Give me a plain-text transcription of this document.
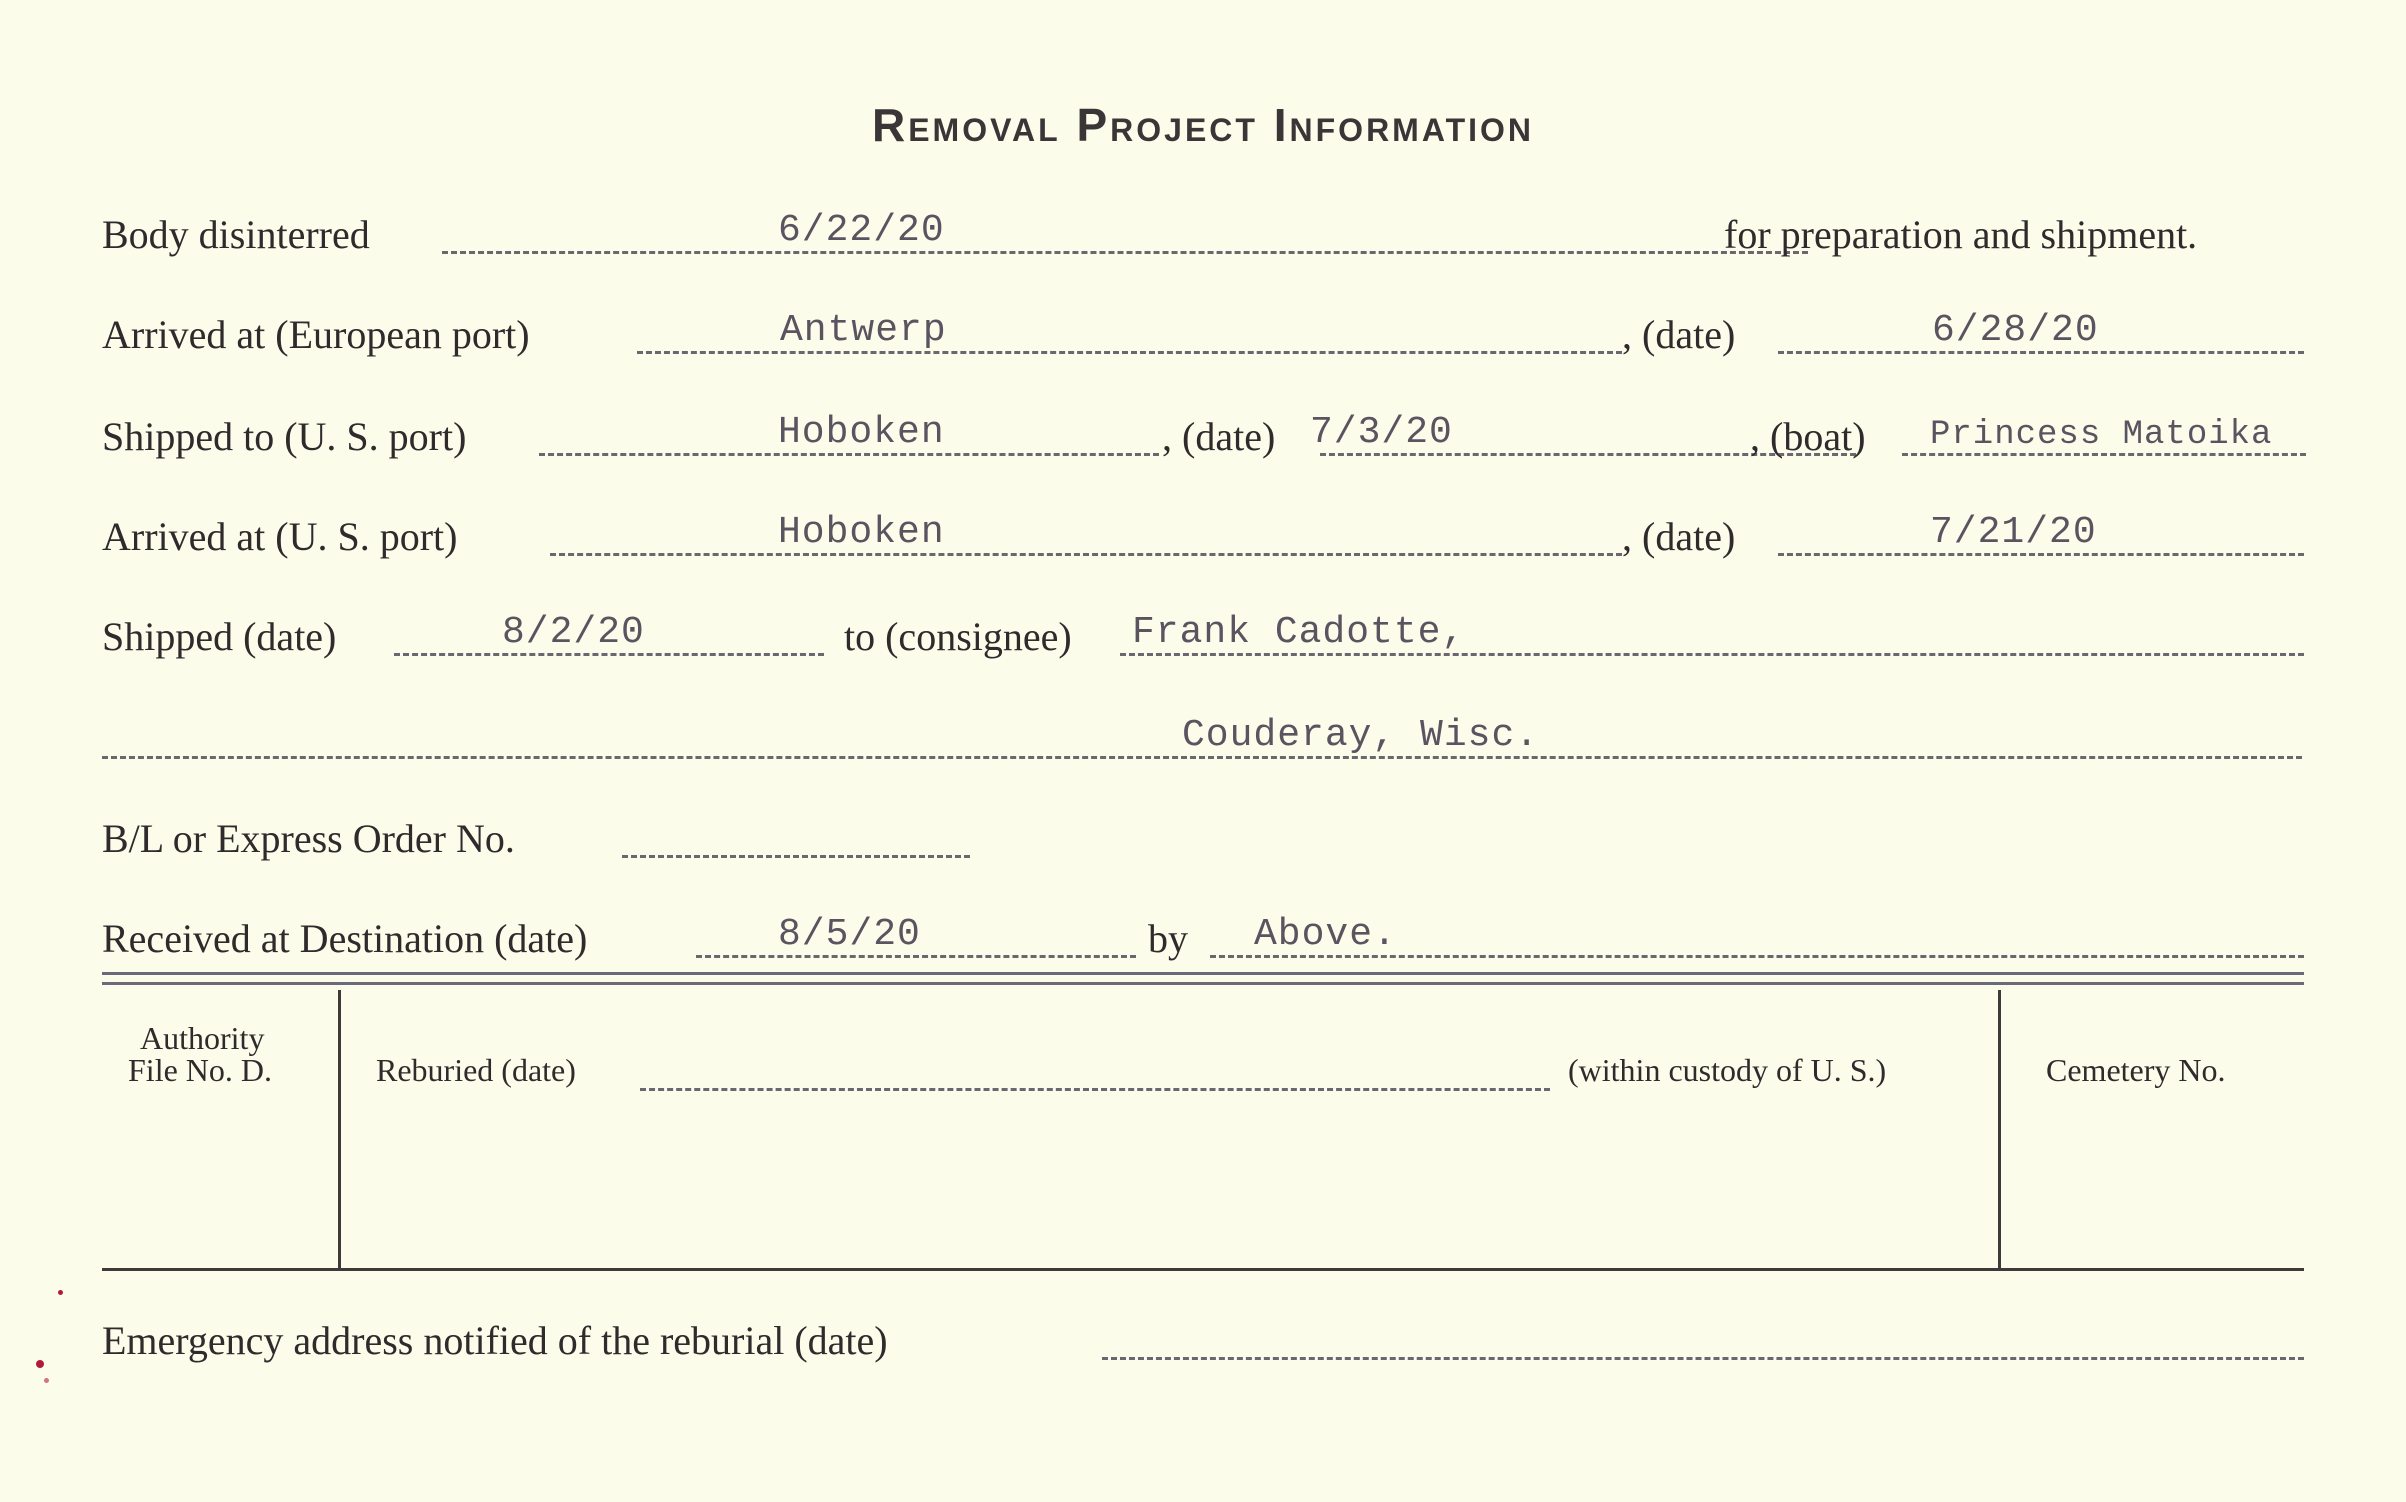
Removal Project Information
Body disinterred	6/22/20	for preparation and shipment.
Arrived at (European port)	Antwerp	, (date)	6/28/20
Shipped to (U. S. port)	Hoboken	, (date) 7/3/20	, (boat) Princess Matoika
Arrived at (U. S. port)	Hoboken	, (date)	7/21/20
Shipped (date)	8/2/20	to (consignee) Frank Cadotte,
Couderay, Wisc.
B/L or Express Order No.
Received at Destination (date)	8/5/20	by Above.
Authority
File No. D.	Reburied (date)	(within custody of U. S.)	Cemetery No.
Emergency address notified of the reburial (date)
